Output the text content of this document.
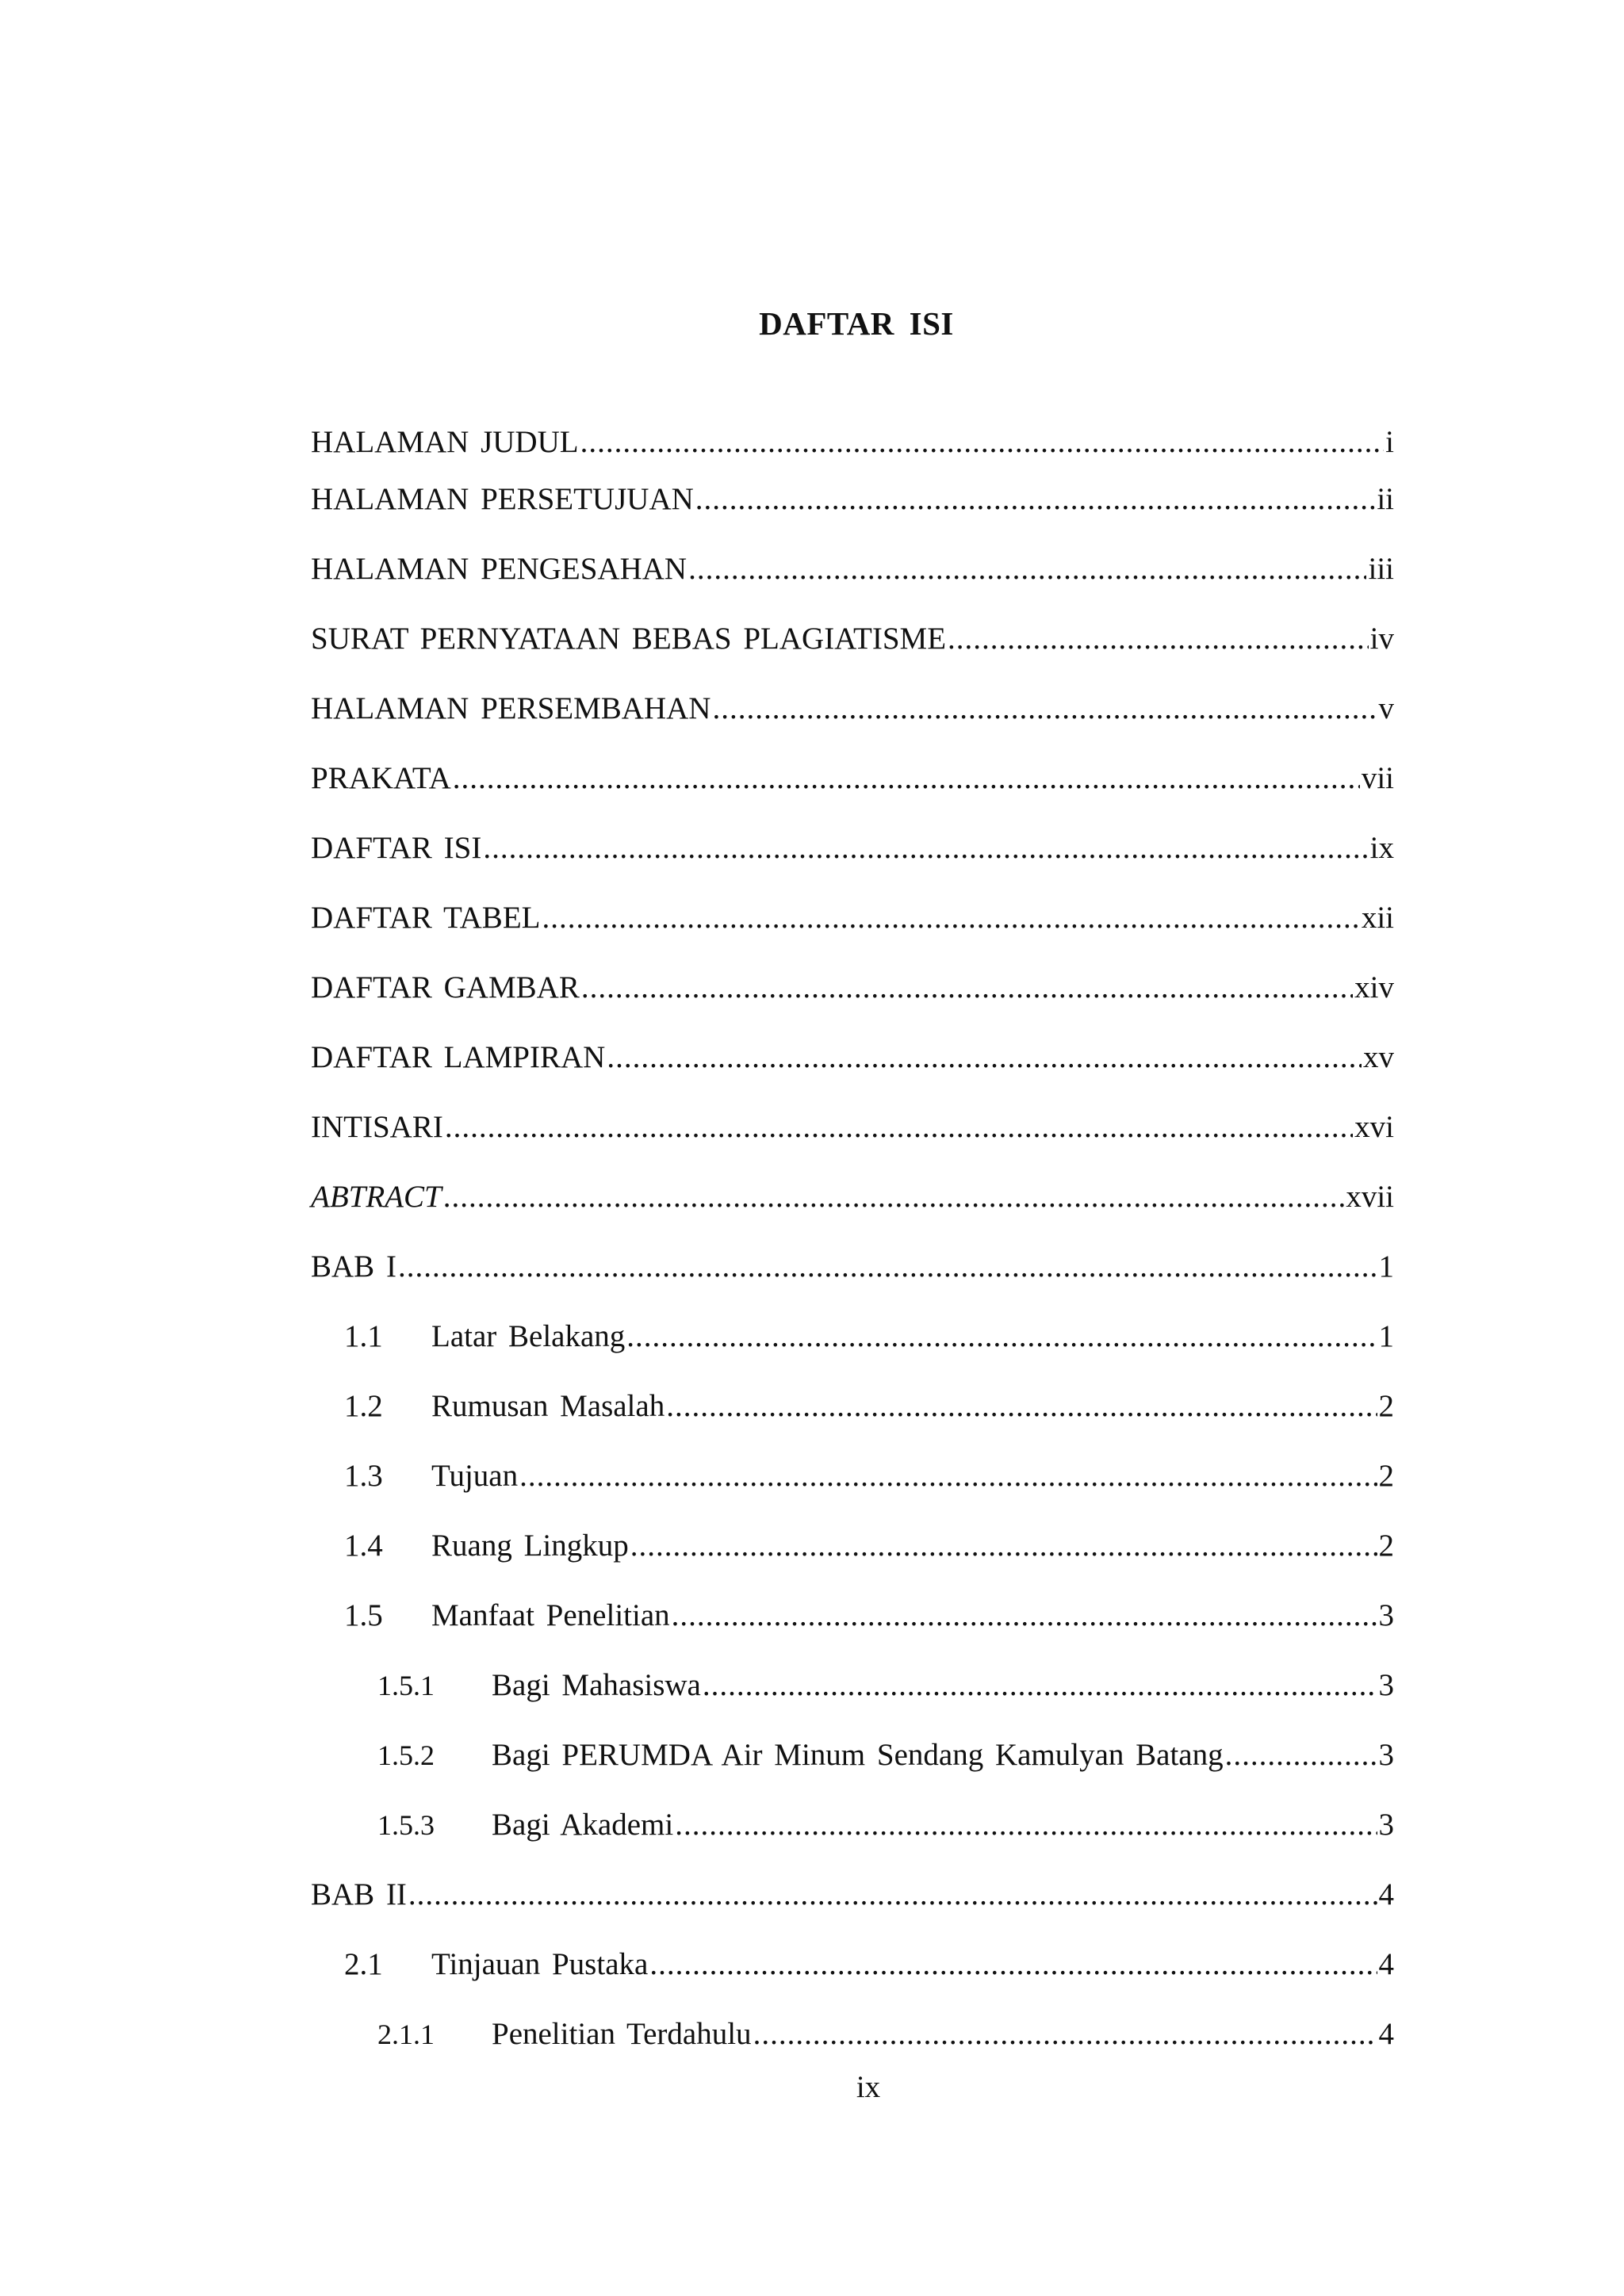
DAFTAR ISI
HALAMAN JUDUL .....	i
HALAMAN PERSETUJUAN .....	ii
HALAMAN PENGESAHAN .....	iii
SURAT PERNYATAAN BEBAS PLAGIATISME .....	iv
HALAMAN PERSEMBAHAN .....	v
PRAKATA .....	vii
DAFTAR ISI .....	ix
DAFTAR TABEL .....	xii
DAFTAR GAMBAR .....	xiv
DAFTAR LAMPIRAN .....	xv
INTISARI .....	xvi
ABTRACT .....	xvii
BAB I .....	1
1.1	Latar Belakang .....	1
1.2	Rumusan Masalah .....	2
1.3	Tujuan .....	2
1.4	Ruang Lingkup .....	2
1.5	Manfaat Penelitian .....	3
1.5.1	Bagi Mahasiswa .....	3
1.5.2	Bagi PERUMDA Air Minum Sendang Kamulyan Batang .....	3
1.5.3	Bagi Akademi .....	3
BAB II .....	4
2.1	Tinjauan Pustaka .....	4
2.1.1	Penelitian Terdahulu .....	4
ix
